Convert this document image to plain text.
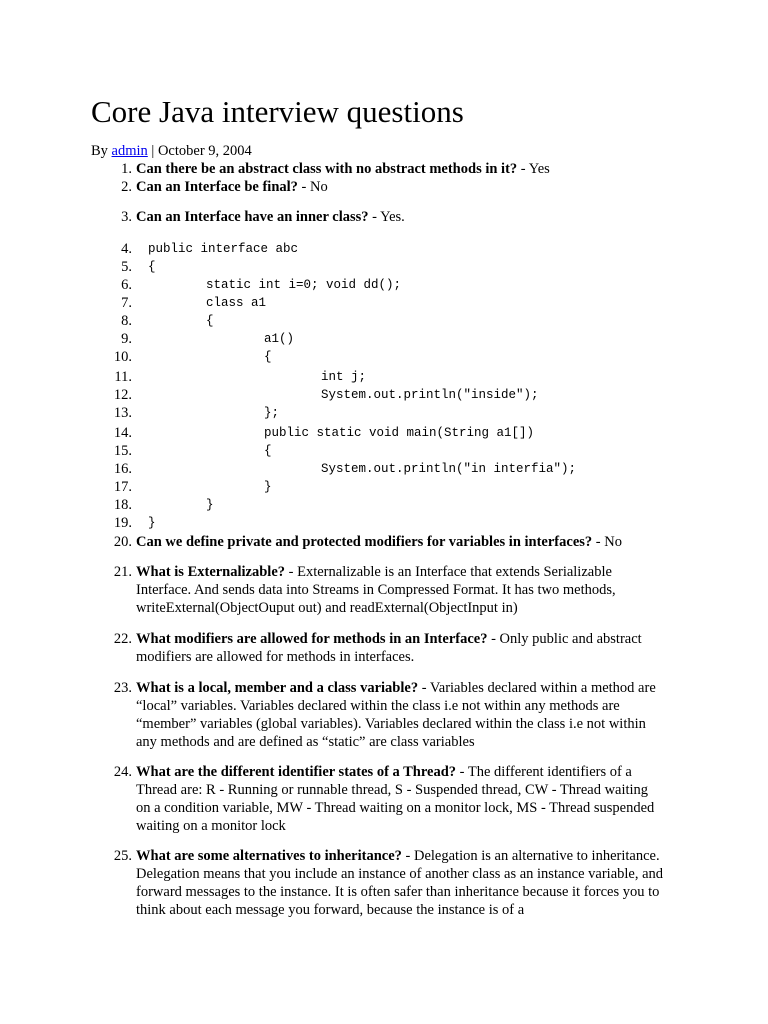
Core Java interview questions
By admin | October 9, 2004
1. Can there be an abstract class with no abstract methods in it? - Yes
2. Can an Interface be final? - No
3. Can an Interface have an inner class? - Yes.
4. public interface abc
5. {
6.	static int i=0; void dd();
7.	class a1
8.	{
9.	a1()
10.	{
11.	int j;
12.	System.out.println("inside");
13.	};
14.	public static void main(String a1[])
15.	{
16.	System.out.println("in interfia");
17.	}
18.	}
19. }
20. Can we define private and protected modifiers for variables in interfaces? - No
21. What is Externalizable? - Externalizable is an Interface that extends Serializable Interface. And sends data into Streams in Compressed Format. It has two methods, writeExternal(ObjectOuput out) and readExternal(ObjectInput in)
22. What modifiers are allowed for methods in an Interface? - Only public and abstract modifiers are allowed for methods in interfaces.
23. What is a local, member and a class variable? - Variables declared within a method are “local” variables. Variables declared within the class i.e not within any methods are “member” variables (global variables). Variables declared within the class i.e not within any methods and are defined as “static” are class variables
24. What are the different identifier states of a Thread? - The different identifiers of a Thread are: R - Running or runnable thread, S - Suspended thread, CW - Thread waiting on a condition variable, MW - Thread waiting on a monitor lock, MS - Thread suspended waiting on a monitor lock
25. What are some alternatives to inheritance? - Delegation is an alternative to inheritance. Delegation means that you include an instance of another class as an instance variable, and forward messages to the instance. It is often safer than inheritance because it forces you to think about each message you forward, because the instance is of a
